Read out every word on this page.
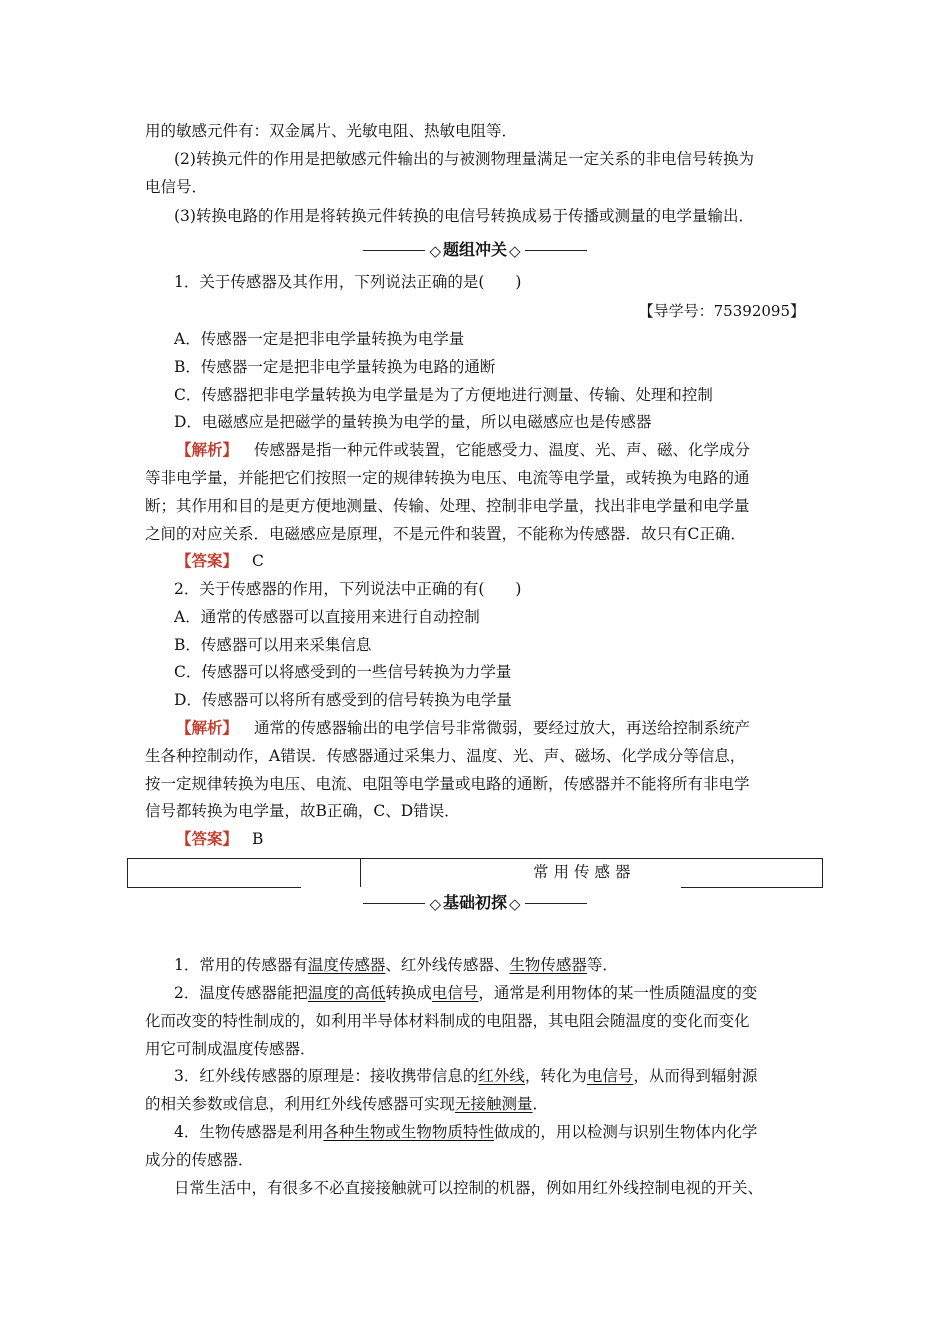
用的敏感元件有：双金属片、光敏电阻、热敏电阻等．
(2)转换元件的作用是把敏感元件输出的与被测物理量满足一定关系的非电信号转换为
电信号．
(3)转换电路的作用是将转换元件转换的电信号转换成易于传播或测量的电学量输出．
◇ 题组冲关 ◇
1．关于传感器及其作用，下列说法正确的是(　　)
【导学号：75392095】
A．传感器一定是把非电学量转换为电学量
B．传感器一定是把非电学量转换为电路的通断
C．传感器把非电学量转换为电学量是为了方便地进行测量、传输、处理和控制
D．电磁感应是把磁学的量转换为电学的量，所以电磁感应也是传感器
【解析】 传感器是指一种元件或装置，它能感受力、温度、光、声、磁、化学成分
等非电学量，并能把它们按照一定的规律转换为电压、电流等电学量，或转换为电路的通
断；其作用和目的是更方便地测量、传输、处理、控制非电学量，找出非电学量和电学量
之间的对应关系．电磁感应是原理，不是元件和装置，不能称为传感器．故只有C正确．
【答案】 C
2．关于传感器的作用，下列说法中正确的有(　　)
A．通常的传感器可以直接用来进行自动控制
B．传感器可以用来采集信息
C．传感器可以将感受到的一些信号转换为力学量
D．传感器可以将所有感受到的信号转换为电学量
【解析】 通常的传感器输出的电学信号非常微弱，要经过放大，再送给控制系统产
生各种控制动作，A错误．传感器通过采集力、温度、光、声、磁场、化学成分等信息，
按一定规律转换为电压、电流、电阻等电学量或电路的通断，传感器并不能将所有非电学
信号都转换为电学量，故B正确，C、D错误．
【答案】 B
常用传感器
◇ 基础初探 ◇
1．常用的传感器有温度传感器、红外线传感器、生物传感器等．
2．温度传感器能把温度的高低转换成电信号，通常是利用物体的某一性质随温度的变
化而改变的特性制成的，如利用半导体材料制成的电阻器，其电阻会随温度的变化而变化
用它可制成温度传感器．
3．红外线传感器的原理是：接收携带信息的红外线，转化为电信号，从而得到辐射源
的相关参数或信息，利用红外线传感器可实现无接触测量．
4．生物传感器是利用各种生物或生物物质特性做成的，用以检测与识别生物体内化学
成分的传感器．
日常生活中，有很多不必直接接触就可以控制的机器，例如用红外线控制电视的开关、
